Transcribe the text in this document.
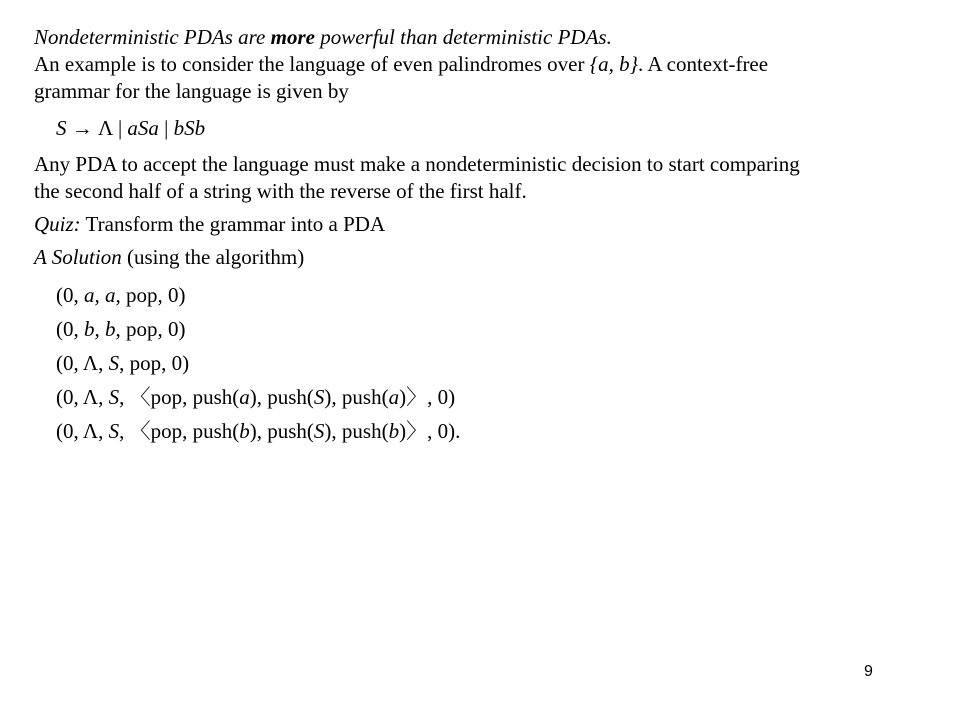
Nondeterministic PDAs are more powerful than deterministic PDAs.
An example is to consider the language of even palindromes over {a, b}. A context-free
grammar for the language is given by
S → Λ | aSa | bSb
Any PDA to accept the language must make a nondeterministic decision to start comparing
the second half of a string with the reverse of the first half.
Quiz: Transform the grammar into a PDA
A Solution (using the algorithm)
(0, a, a, pop, 0)
(0, b, b, pop, 0)
(0, Λ, S, pop, 0)
(0, Λ, S, 〈pop, push(a), push(S), push(a)〉, 0)
(0, Λ, S, 〈pop, push(b), push(S), push(b)〉, 0).
9
